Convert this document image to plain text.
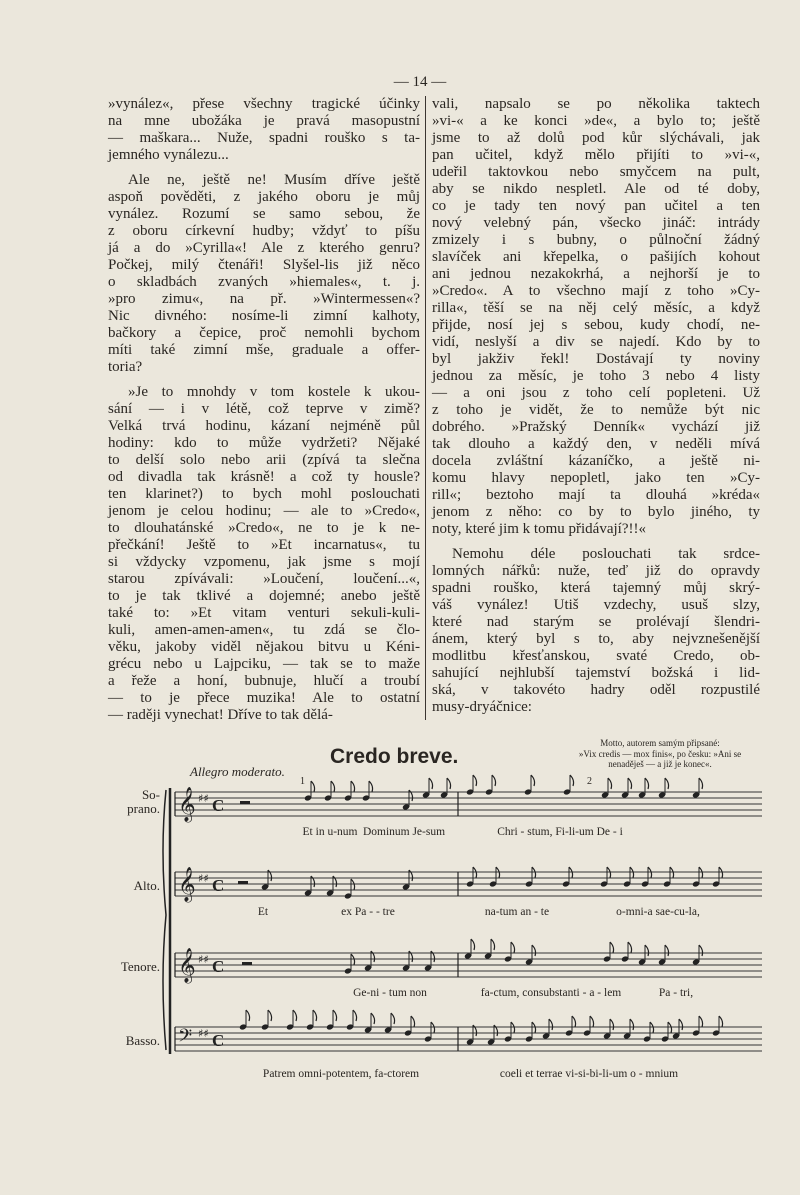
— 14 —
»vynález«, přese všechny tragické účinky
na mne ubožáka je pravá masopustní
— maškara... Nuže, spadni rouško s ta-
jemného vynálezu...
Ale ne, ještě ne! Musím dříve ještě
aspoň pověděti, z jakého oboru je můj
vynález. Rozumí se samo sebou, že
z oboru církevní hudby; vždyť to píšu
já a do »Cyrilla«! Ale z kterého genru?
Počkej, milý čtenáři! Slyšel-lis již něco
o skladbách zvaných »hiemales«, t. j.
»pro zimu«, na př. »Wintermessen«?
Nic divného: nosíme-li zimní kalhoty,
bačkory a čepice, proč nemohli bychom
míti také zimní mše, graduale a offer-
toria?
»Je to mnohdy v tom kostele k ukou-
sání — i v létě, což teprve v zimě?
Velká trvá hodinu, kázaní nejméně půl
hodiny: kdo to může vydržeti? Nějaké
to delší solo nebo arii (zpívá ta slečna
od divadla tak krásně! a což ty housle?
ten klarinet?) to bych mohl poslouchati
jenom je celou hodinu; — ale to »Credo«,
to dlouhatánské »Credo«, ne to je k ne-
přečkání! Ještě to »Et incarnatus«, tu
si vždycky vzpomenu, jak jsme s mojí
starou zpívávali: »Loučení, loučení...«,
to je tak tklivé a dojemné; anebo ještě
také to: »Et vitam venturi sekuli-kuli-
kuli, amen-amen-amen«, tu zdá se člo-
věku, jakoby viděl nějakou bitvu u Kéni-
grécu nebo u Lajpciku, — tak se to maže
a řeže a honí, bubnuje, hlučí a troubí
— to je přece muzika! Ale to ostatní
— raději vynechat! Dříve to tak dělá-
vali, napsalo se po několika taktech
»vi-« a ke konci »de«, a bylo to; ještě
jsme to až dolů pod kůr slýchávali, jak
pan učitel, když mělo přijíti to »vi-«,
udeřil taktovkou nebo smyčcem na pult,
aby se nikdo nespletl. Ale od té doby,
co je tady ten nový pan učitel a ten
nový velebný pán, všecko jináč: intrády
zmizely i s bubny, o půlnoční žádný
slavíček ani křepelka, o pašijích kohout
ani jednou nezakokrhá, a nejhorší je to
»Credo«. A to všechno mají z toho »Cy-
rilla«, těší se na něj celý měsíc, a když
přijde, nosí jej s sebou, kudy chodí, ne-
vidí, neslyší a div se najedí. Kdo by to
byl jakživ řekl! Dostávají ty noviny
jednou za měsíc, je toho 3 nebo 4 listy
— a oni jsou z toho celí popleteni. Už
z toho je vidět, že to nemůže být nic
dobrého. »Pražský Denník« vychází již
tak dlouho a každý den, v neděli mívá
docela zvláštní kázaníčko, a ještě ni-
komu hlavy nepopletl, jako ten »Cy-
rill«; beztoho mají ta dlouhá »kréda«
jenom z něho: co by to bylo jiného, ty
noty, které jim k tomu přidávají?!!«
Nemohu déle poslouchati tak srdce-
lomných nářků: nuže, teď již do opravdy
spadni rouško, která tajemný můj skrý-
váš vynález! Utiš vzdechy, usuš slzy,
které nad starým se prolévají šlendri-
ánem, který byl s to, aby nejvznešenější
modlitbu křesťanskou, svaté Credo, ob-
sahující nejhlubší tajemství božská i lid-
ská, v takovéto hadry oděl rozpustilé
musy-dryáčnice:
Credo breve.
Motto, autorem samým připsané:
»Vix credis — mox finis«, po česku: »Ani se
nenaděješ — a již je konec«.
Allegro moderato.
1	2
𝄞 ♯♯ C
𝄞 ♯♯ C
𝄞 ♯♯ C
𝄢 ♯♯ C
So-
prano.
Et in u-num Dominum Je-sum	Chri - stum, Fi-li-um De - i
Alto.
Et	ex Pa - - tre	na-tum an - te	o-mni-a sae-cu-la,
Tenore.
Ge-ni - tum non	fa-ctum, consubstanti - a - lem	Pa - tri,
Basso.
Patrem omni-potentem, fa-ctorem	coeli et terrae vi-si-bi-li-um o - mnium
